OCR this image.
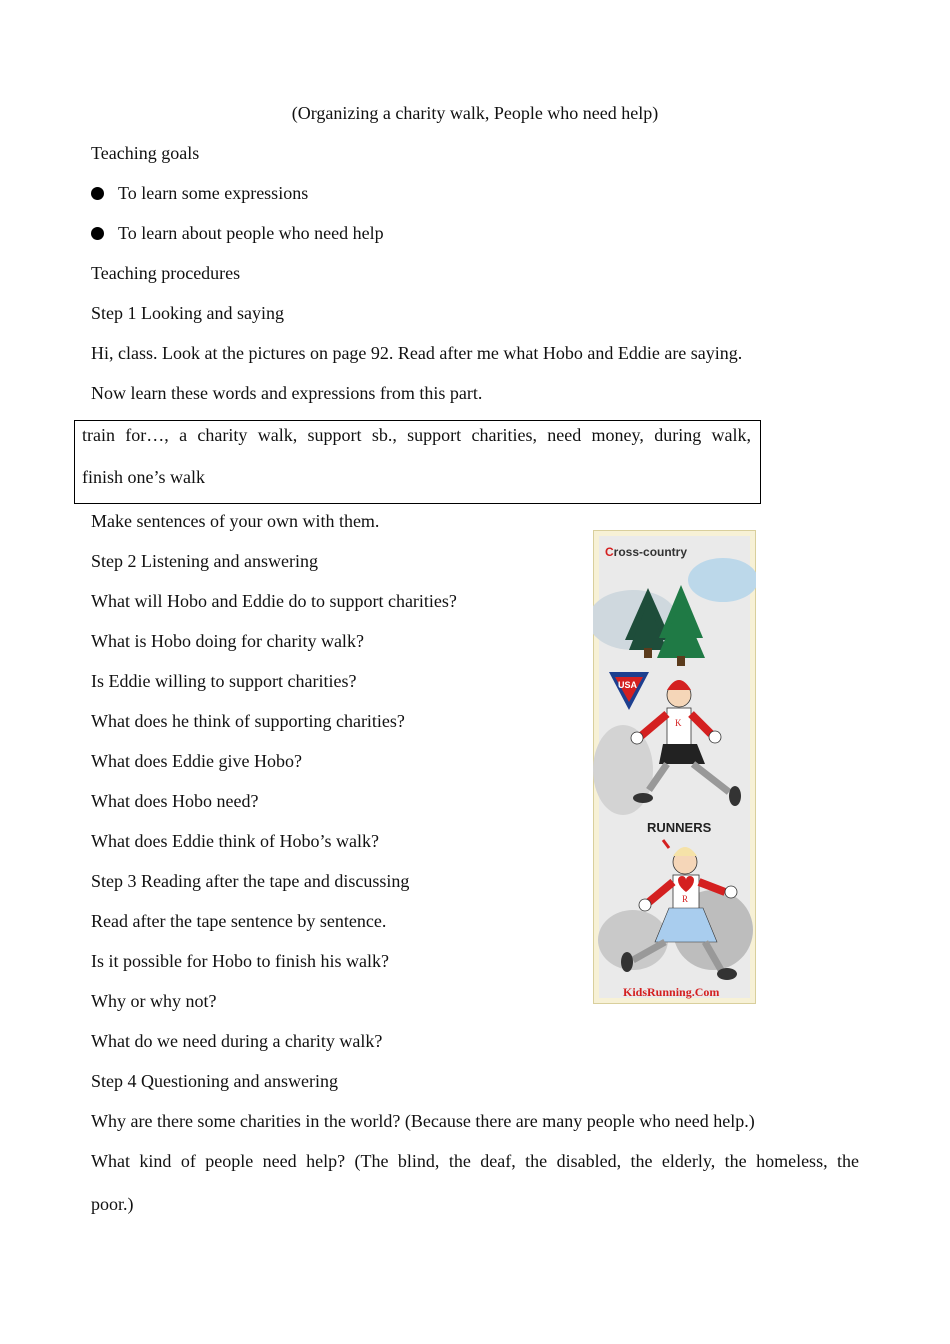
(Organizing a charity walk, People who need help)
Teaching goals
To learn some expressions
To learn about people who need help
Teaching procedures
Step 1 Looking and saying
Hi, class. Look at the pictures on page 92. Read after me what Hobo and Eddie are saying.
Now learn these words and expressions from this part.
train for…, a charity walk, support sb., support charities, need money, during walk,
finish one’s walk
Make sentences of your own with them.
Step 2 Listening and answering
What will Hobo and Eddie do to support charities?
What is Hobo doing for charity walk?
Is Eddie willing to support charities?
What does he think of supporting charities?
What does Eddie give Hobo?
What does Hobo need?
What does Eddie think of Hobo’s walk?
Step 3 Reading after the tape and discussing
Read after the tape sentence by sentence.
Is it possible for Hobo to finish his walk?
Why or why not?
What do we need during a charity walk?
Step 4 Questioning and answering
Why are there some charities in the world? (Because there are many people who need help.)
What kind of people need help? (The blind, the deaf, the disabled, the elderly, the homeless, the
poor.)
Cross-country
USA
K
RUNNERS
R
KidsRunning.Com
